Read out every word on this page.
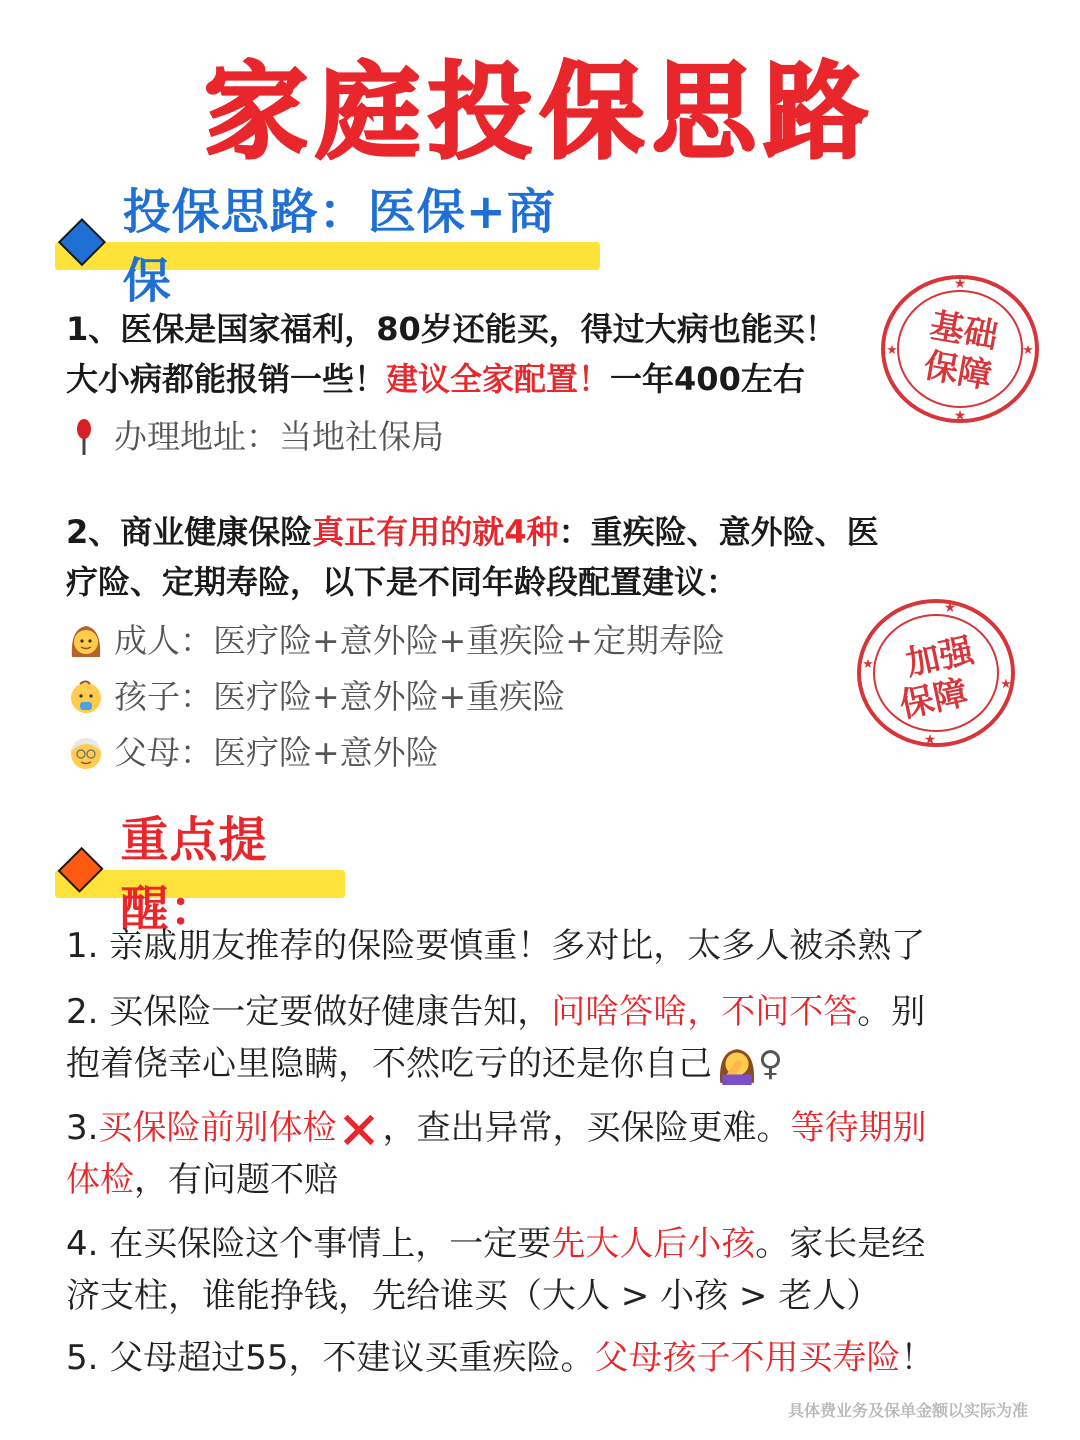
家庭投保思路
投保思路：医保+商保
1、医保是国家福利，80岁还能买，得过大病也能买！
大小病都能报销一些！建议全家配置！一年400左右
办理地址：当地社保局
★
★
★	★
基础
保障
2、商业健康保险真正有用的就4种：重疾险、意外险、医
疗险、定期寿险，以下是不同年龄段配置建议：
成人： 医疗险+意外险+重疾险+定期寿险
孩子： 医疗险+意外险+重疾险
父母： 医疗险+意外险
★
★
★
★
加强
保障
重点提醒：
1. 亲戚朋友推荐的保险要慎重！多对比，太多人被杀熟了
2. 买保险一定要做好健康告知，问啥答啥，不问不答。别
抱着侥幸心里隐瞒，不然吃亏的还是你自己 ♀
3. 买保险前别体检 ，查出异常，买保险更难。 等待期别
体检，有问题不赔
4. 在买保险这个事情上，一定要先大人后小孩。家长是经
济支柱，谁能挣钱，先给谁买（大人 > 小孩 > 老人）
5. 父母超过55，不建议买重疾险。父母孩子不用买寿险！
具体费业务及保单金额以实际为准
